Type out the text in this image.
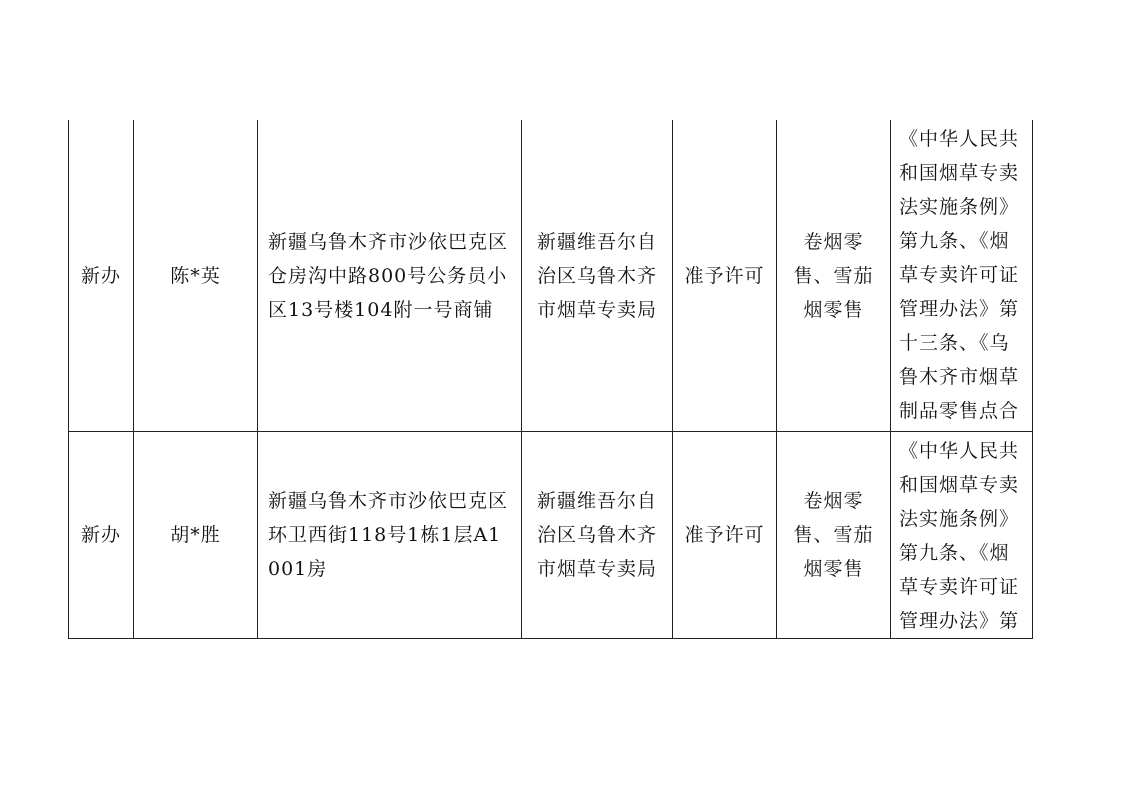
新办	陈*英	新疆乌鲁木齐市沙依巴克区仓房沟中路800号公务员小区13号楼104附一号商铺	新疆维吾尔自治区乌鲁木齐市烟草专卖局	准予许可	卷烟零售、雪茄烟零售	《中华人民共和国烟草专卖法实施条例》第九条、《烟草专卖许可证管理办法》第十三条、《乌鲁木齐市烟草制品零售点合

新办	胡*胜	新疆乌鲁木齐市沙依巴克区环卫西街118号1栋1层A1001房	新疆维吾尔自治区乌鲁木齐市烟草专卖局	准予许可	卷烟零售、雪茄烟零售	《中华人民共和国烟草专卖法实施条例》第九条、《烟草专卖许可证管理办法》第
